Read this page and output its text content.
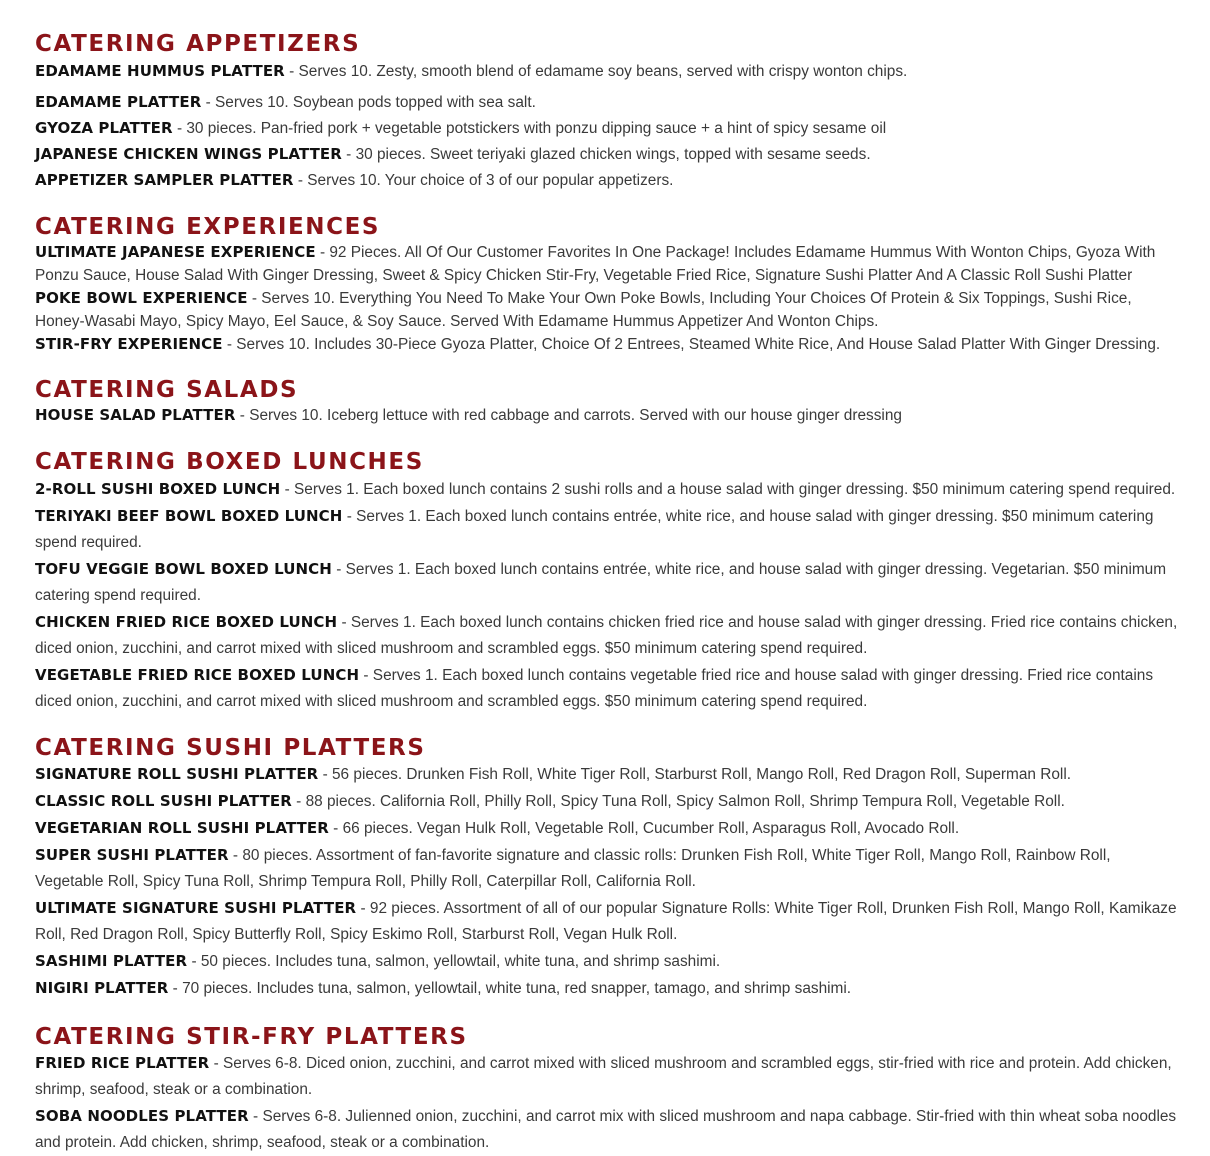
CATERING APPETIZERS

EDAMAME HUMMUS PLATTER - Serves 10. Zesty, smooth blend of edamame soy beans, served with crispy wonton chips.

EDAMAME PLATTER - Serves 10. Soybean pods topped with sea salt.

GYOZA PLATTER - 30 pieces. Pan-fried pork + vegetable potstickers with ponzu dipping sauce + a hint of spicy sesame oil

JAPANESE CHICKEN WINGS PLATTER - 30 pieces. Sweet teriyaki glazed chicken wings, topped with sesame seeds.

APPETIZER SAMPLER PLATTER - Serves 10. Your choice of 3 of our popular appetizers.

CATERING EXPERIENCES

ULTIMATE JAPANESE EXPERIENCE - 92 Pieces. All Of Our Customer Favorites In One Package! Includes Edamame Hummus With Wonton Chips, Gyoza With Ponzu Sauce, House Salad With Ginger Dressing, Sweet & Spicy Chicken Stir-Fry, Vegetable Fried Rice, Signature Sushi Platter And A Classic Roll Sushi Platter

POKE BOWL EXPERIENCE - Serves 10. Everything You Need To Make Your Own Poke Bowls, Including Your Choices Of Protein & Six Toppings, Sushi Rice, Honey-Wasabi Mayo, Spicy Mayo, Eel Sauce, & Soy Sauce. Served With Edamame Hummus Appetizer And Wonton Chips.

STIR-FRY EXPERIENCE - Serves 10. Includes 30-Piece Gyoza Platter, Choice Of 2 Entrees, Steamed White Rice, And House Salad Platter With Ginger Dressing.

CATERING SALADS

HOUSE SALAD PLATTER - Serves 10. Iceberg lettuce with red cabbage and carrots. Served with our house ginger dressing

CATERING BOXED LUNCHES

2-ROLL SUSHI BOXED LUNCH - Serves 1. Each boxed lunch contains 2 sushi rolls and a house salad with ginger dressing. $50 minimum catering spend required.

TERIYAKI BEEF BOWL BOXED LUNCH - Serves 1. Each boxed lunch contains entrée, white rice, and house salad with ginger dressing. $50 minimum catering spend required.

TOFU VEGGIE BOWL BOXED LUNCH - Serves 1. Each boxed lunch contains entrée, white rice, and house salad with ginger dressing. Vegetarian. $50 minimum catering spend required.

CHICKEN FRIED RICE BOXED LUNCH - Serves 1. Each boxed lunch contains chicken fried rice and house salad with ginger dressing. Fried rice contains chicken, diced onion, zucchini, and carrot mixed with sliced mushroom and scrambled eggs. $50 minimum catering spend required.

VEGETABLE FRIED RICE BOXED LUNCH - Serves 1. Each boxed lunch contains vegetable fried rice and house salad with ginger dressing. Fried rice contains diced onion, zucchini, and carrot mixed with sliced mushroom and scrambled eggs. $50 minimum catering spend required.

CATERING SUSHI PLATTERS

SIGNATURE ROLL SUSHI PLATTER - 56 pieces. Drunken Fish Roll, White Tiger Roll, Starburst Roll, Mango Roll, Red Dragon Roll, Superman Roll.

CLASSIC ROLL SUSHI PLATTER - 88 pieces. California Roll, Philly Roll, Spicy Tuna Roll, Spicy Salmon Roll, Shrimp Tempura Roll, Vegetable Roll.

VEGETARIAN ROLL SUSHI PLATTER - 66 pieces. Vegan Hulk Roll, Vegetable Roll, Cucumber Roll, Asparagus Roll, Avocado Roll.

SUPER SUSHI PLATTER - 80 pieces. Assortment of fan-favorite signature and classic rolls: Drunken Fish Roll, White Tiger Roll, Mango Roll, Rainbow Roll, Vegetable Roll, Spicy Tuna Roll, Shrimp Tempura Roll, Philly Roll, Caterpillar Roll, California Roll.

ULTIMATE SIGNATURE SUSHI PLATTER - 92 pieces. Assortment of all of our popular Signature Rolls: White Tiger Roll, Drunken Fish Roll, Mango Roll, Kamikaze Roll, Red Dragon Roll, Spicy Butterfly Roll, Spicy Eskimo Roll, Starburst Roll, Vegan Hulk Roll.

SASHIMI PLATTER - 50 pieces. Includes tuna, salmon, yellowtail, white tuna, and shrimp sashimi.

NIGIRI PLATTER - 70 pieces. Includes tuna, salmon, yellowtail, white tuna, red snapper, tamago, and shrimp sashimi.

CATERING STIR-FRY PLATTERS

FRIED RICE PLATTER - Serves 6-8. Diced onion, zucchini, and carrot mixed with sliced mushroom and scrambled eggs, stir-fried with rice and protein. Add chicken, shrimp, seafood, steak or a combination.

SOBA NOODLES PLATTER - Serves 6-8. Julienned onion, zucchini, and carrot mix with sliced mushroom and napa cabbage. Stir-fried with thin wheat soba noodles and protein. Add chicken, shrimp, seafood, steak or a combination.
